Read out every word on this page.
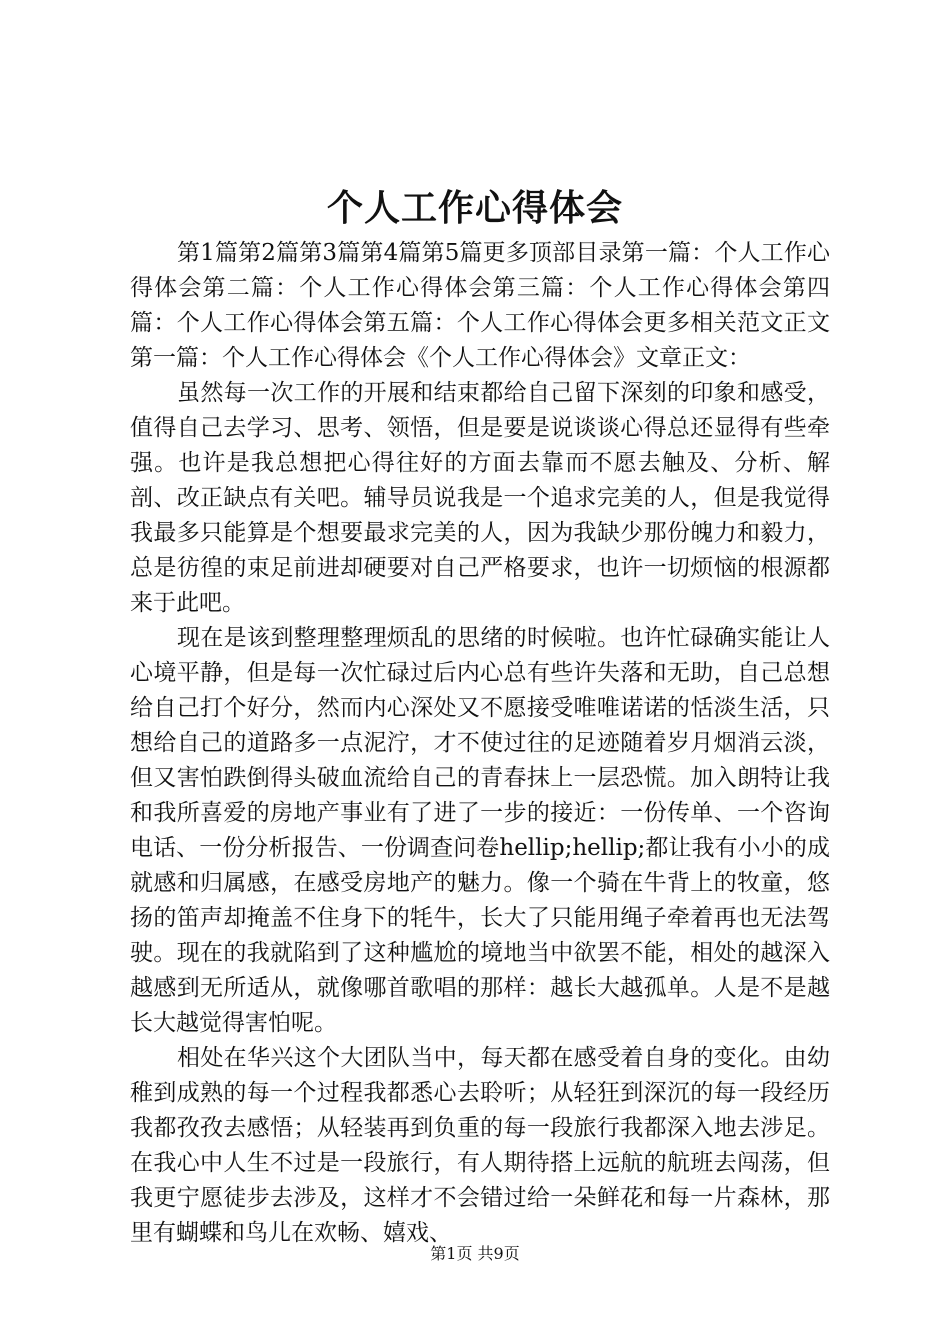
个人工作心得体会

第1篇第2篇第3篇第4篇第5篇更多顶部目录第一篇：个人工作心得体会第二篇：个人工作心得体会第三篇：个人工作心得体会第四篇：个人工作心得体会第五篇：个人工作心得体会更多相关范文正文第一篇：个人工作心得体会《个人工作心得体会》文章正文：

虽然每一次工作的开展和结束都给自己留下深刻的印象和感受，值得自己去学习、思考、领悟，但是要是说谈谈心得总还显得有些牵强。也许是我总想把心得往好的方面去靠而不愿去触及、分析、解剖、改正缺点有关吧。辅导员说我是一个追求完美的人，但是我觉得我最多只能算是个想要最求完美的人，因为我缺少那份魄力和毅力，总是彷徨的束足前进却硬要对自己严格要求，也许一切烦恼的根源都来于此吧。

现在是该到整理整理烦乱的思绪的时候啦。也许忙碌确实能让人心境平静，但是每一次忙碌过后内心总有些许失落和无助，自己总想给自己打个好分，然而内心深处又不愿接受唯唯诺诺的恬淡生活，只想给自己的道路多一点泥泞，才不使过往的足迹随着岁月烟消云淡，但又害怕跌倒得头破血流给自己的青春抹上一层恐慌。加入朗特让我和我所喜爱的房地产事业有了进了一步的接近：一份传单、一个咨询电话、一份分析报告、一份调查问卷hellip;hellip;都让我有小小的成就感和归属感，在感受房地产的魅力。像一个骑在牛背上的牧童，悠扬的笛声却掩盖不住身下的牦牛，长大了只能用绳子牵着再也无法驾驶。现在的我就陷到了这种尴尬的境地当中欲罢不能，相处的越深入越感到无所适从，就像哪首歌唱的那样：越长大越孤单。人是不是越长大越觉得害怕呢。

相处在华兴这个大团队当中，每天都在感受着自身的变化。由幼稚到成熟的每一个过程我都悉心去聆听；从轻狂到深沉的每一段经历我都孜孜去感悟；从轻装再到负重的每一段旅行我都深入地去涉足。在我心中人生不过是一段旅行，有人期待搭上远航的航班去闯荡，但我更宁愿徒步去涉及，这样才不会错过给一朵鲜花和每一片森林，那里有蝴蝶和鸟儿在欢畅、嬉戏、

第1页 共9页
